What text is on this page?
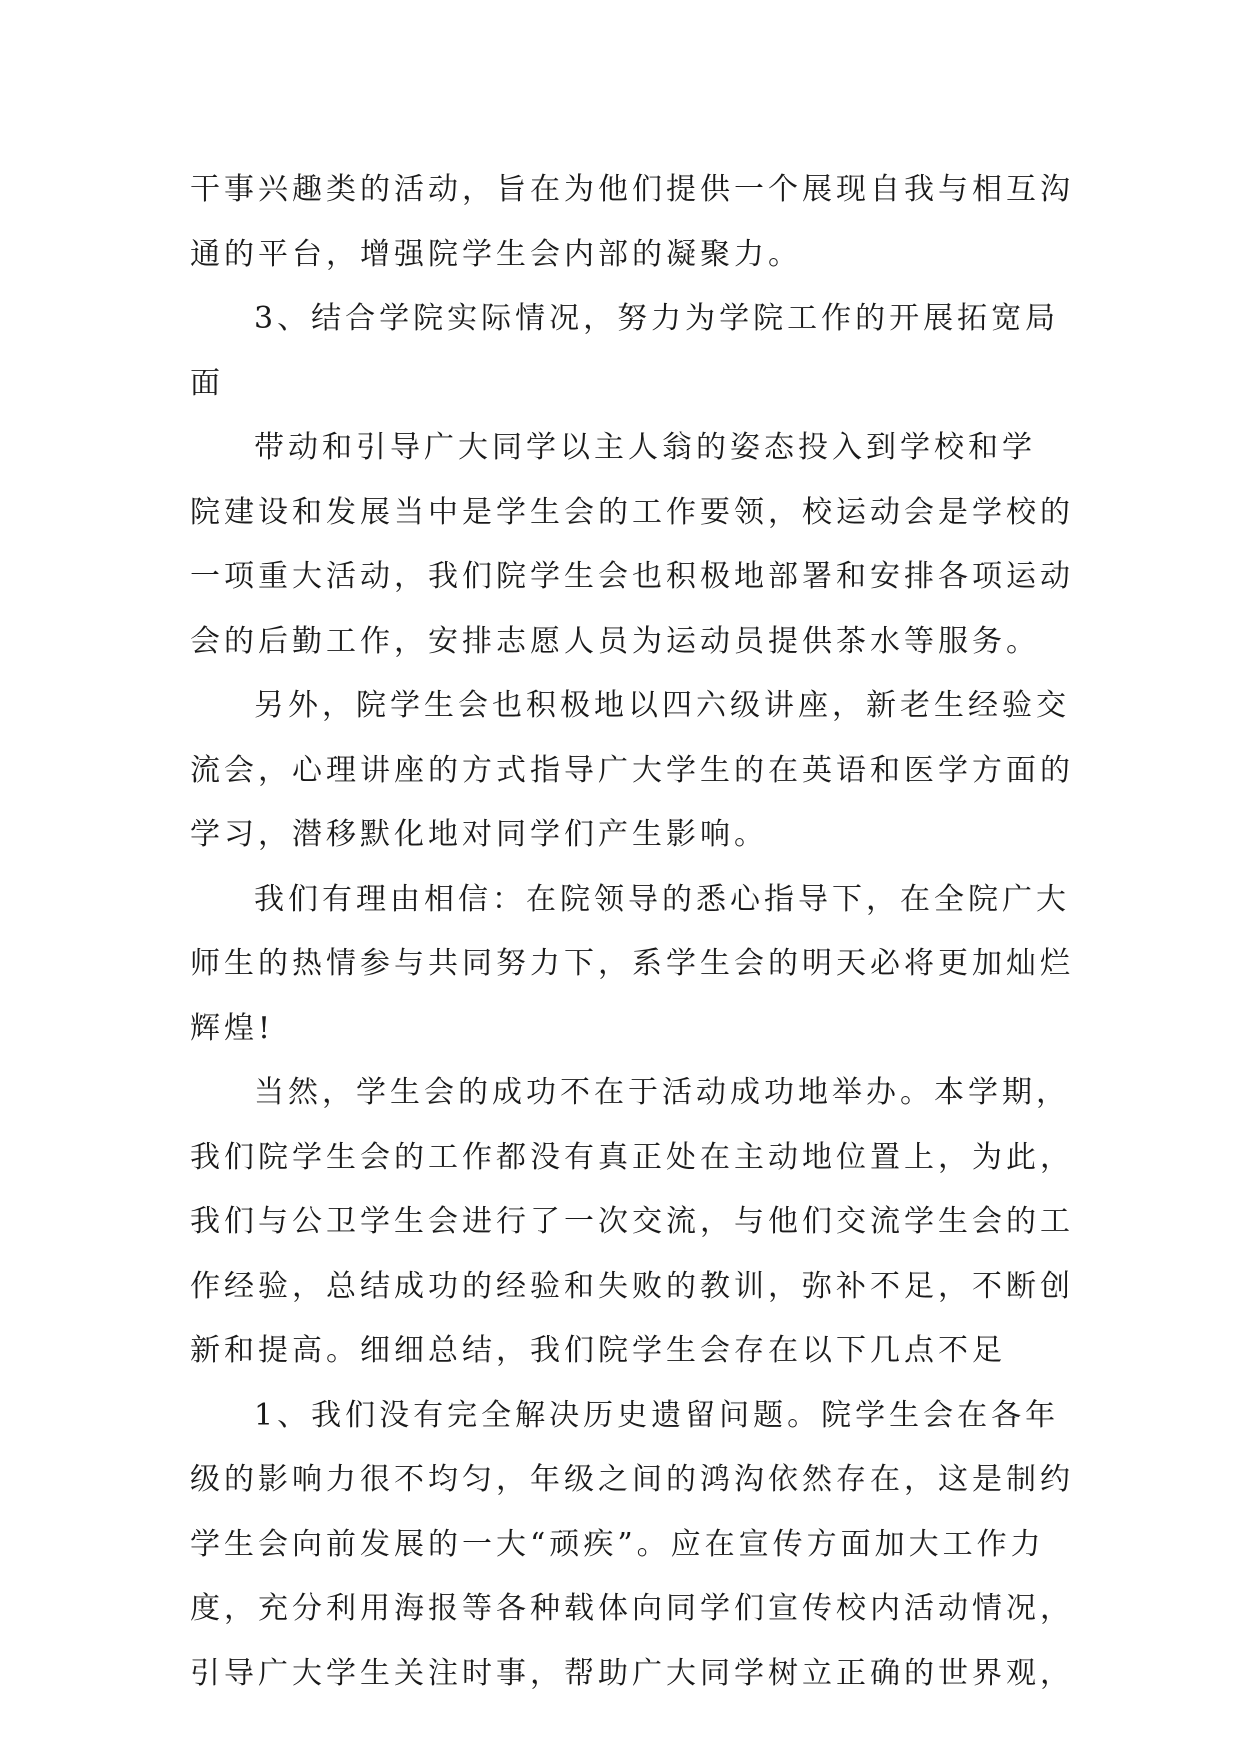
干事兴趣类的活动，旨在为他们提供一个展现自我与相互沟
通的平台，增强院学生会内部的凝聚力。
3、结合学院实际情况，努力为学院工作的开展拓宽局
面
带动和引导广大同学以主人翁的姿态投入到学校和学
院建设和发展当中是学生会的工作要领，校运动会是学校的
一项重大活动，我们院学生会也积极地部署和安排各项运动
会的后勤工作，安排志愿人员为运动员提供茶水等服务。
另外，院学生会也积极地以四六级讲座，新老生经验交
流会，心理讲座的方式指导广大学生的在英语和医学方面的
学习，潜移默化地对同学们产生影响。
我们有理由相信：在院领导的悉心指导下，在全院广大
师生的热情参与共同努力下，系学生会的明天必将更加灿烂
辉煌!
当然，学生会的成功不在于活动成功地举办。本学期，
我们院学生会的工作都没有真正处在主动地位置上，为此，
我们与公卫学生会进行了一次交流，与他们交流学生会的工
作经验，总结成功的经验和失败的教训，弥补不足，不断创
新和提高。细细总结，我们院学生会存在以下几点不足
1、我们没有完全解决历史遗留问题。院学生会在各年
级的影响力很不均匀，年级之间的鸿沟依然存在，这是制约
学生会向前发展的一大“顽疾”。应在宣传方面加大工作力
度，充分利用海报等各种载体向同学们宣传校内活动情况，
引导广大学生关注时事，帮助广大同学树立正确的世界观，
